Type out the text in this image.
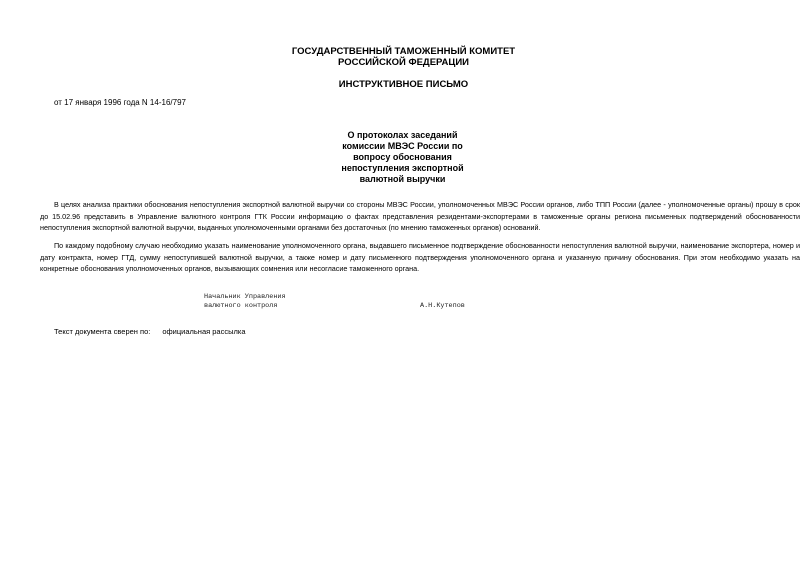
ГОСУДАРСТВЕННЫЙ ТАМОЖЕННЫЙ КОМИТЕТ
РОССИЙСКОЙ ФЕДЕРАЦИИ
ИНСТРУКТИВНОЕ ПИСЬМО
от 17 января 1996 года N 14-16/797
О протоколах заседаний
комиссии МВЭС России по
вопросу обоснования
непоступления экспортной
валютной выручки
В целях анализа практики обоснования непоступления экспортной валютной выручки со стороны МВЭС России, уполномоченных МВЭС России органов, либо ТПП России (далее - уполномоченные органы) прошу в срок до 15.02.96 представить в Управление валютного контроля ГТК России информацию о фактах представления резидентами-экспортерами в таможенные органы региона письменных подтверждений обоснованности непоступления экспортной валютной выручки, выданных уполномоченными органами без достаточных (по мнению таможенных органов) оснований.
По каждому подобному случаю необходимо указать наименование уполномоченного органа, выдавшего письменное подтверждение обоснованности непоступления валютной выручки, наименование экспортера, номер и дату контракта, номер ГТД, сумму непоступившей валютной выручки, а также номер и дату письменного подтверждения уполномоченного органа и указанную причину обоснования. При этом необходимо указать на конкретные обоснования уполномоченных органов, вызывающих сомнения или несогласие таможенного органа.
Начальник Управления
валютного контроля	А.Н.Кутепов
Текст документа сверен по: официальная рассылка
